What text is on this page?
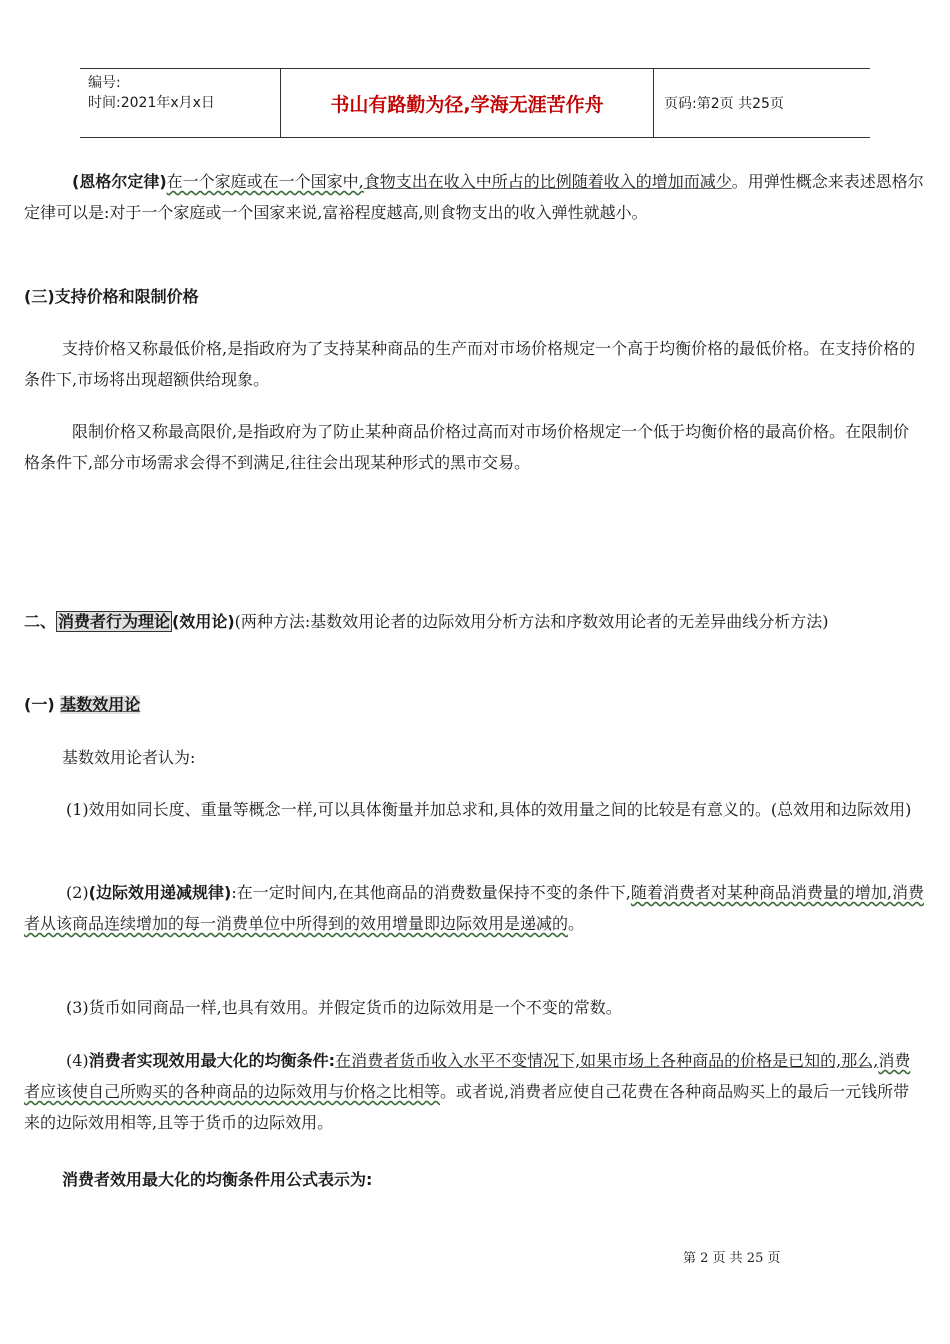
编号:
时间:2021年x月x日	书山有路勤为径,学海无涯苦作舟	页码:第2页 共25页

(恩格尔定律)在一个家庭或在一个国家中,食物支出在收入中所占的比例随着收入的增加而减少。用弹性概念来表述恩格尔定律可以是:对于一个家庭或一个国家来说,富裕程度越高,则食物支出的收入弹性就越小。

(三)支持价格和限制价格

支持价格又称最低价格,是指政府为了支持某种商品的生产而对市场价格规定一个高于均衡价格的最低价格。在支持价格的条件下,市场将出现超额供给现象。

限制价格又称最高限价,是指政府为了防止某种商品价格过高而对市场价格规定一个低于均衡价格的最高价格。在限制价格条件下,部分市场需求会得不到满足,往往会出现某种形式的黑市交易。

二、 消费者行为理论 (效用论)(两种方法:基数效用论者的边际效用分析方法和序数效用论者的无差异曲线分析方法)

(一) 基数效用论

基数效用论者认为:

(1)效用如同长度、重量等概念一样,可以具体衡量并加总求和,具体的效用量之间的比较是有意义的。(总效用和边际效用)

(2)(边际效用递减规律):在一定时间内,在其他商品的消费数量保持不变的条件下,随着消费者对某种商品消费量的增加,消费者从该商品连续增加的每一消费单位中所得到的效用增量即边际效用是递减的。

(3)货币如同商品一样,也具有效用。并假定货币的边际效用是一个不变的常数。

(4)消费者实现效用最大化的均衡条件:在消费者货币收入水平不变情况下,如果市场上各种商品的价格是已知的,那么,消费者应该使自己所购买的各种商品的边际效用与价格之比相等。或者说,消费者应使自己花费在各种商品购买上的最后一元钱所带来的边际效用相等,且等于货币的边际效用。

消费者效用最大化的均衡条件用公式表示为:

第 2 页 共 25 页
